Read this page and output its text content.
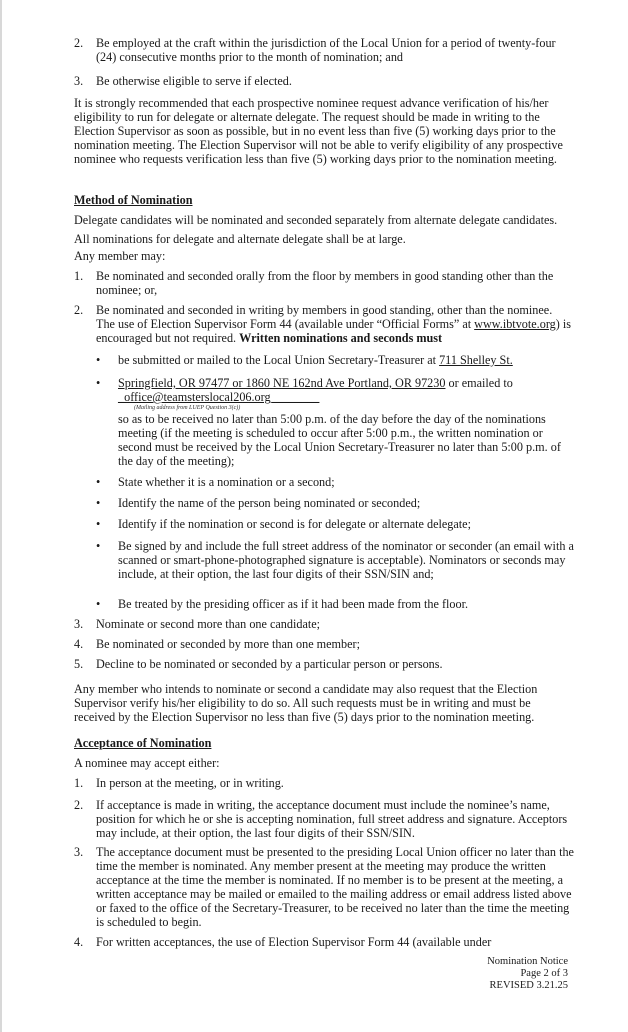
2.	Be employed at the craft within the jurisdiction of the Local Union for a period of twenty-four (24) consecutive months prior to the month of nomination; and
3.	Be otherwise eligible to serve if elected.
It is strongly recommended that each prospective nominee request advance verification of his/her eligibility to run for delegate or alternate delegate. The request should be made in writing to the Election Supervisor as soon as possible, but in no event less than five (5) working days prior to the nomination meeting. The Election Supervisor will not be able to verify eligibility of any prospective nominee who requests verification less than five (5) working days prior to the nomination meeting.
Method of Nomination
Delegate candidates will be nominated and seconded separately from alternate delegate candidates.
All nominations for delegate and alternate delegate shall be at large.
Any member may:
1.	Be nominated and seconded orally from the floor by members in good standing other than the nominee; or,
2.	Be nominated and seconded in writing by members in good standing, other than the nominee. The use of Election Supervisor Form 44 (available under “Official Forms” at www.ibtvote.org) is encouraged but not required. Written nominations and seconds must
• be submitted or mailed to the Local Union Secretary-Treasurer at 711 Shelley St.
• Springfield, OR 97477 or 1860 NE 162nd Ave Portland, OR 97230 or emailed to
_office@teamsterslocal206.org________
(Mailing address from LUEP Question 3(c))
so as to be received no later than 5:00 p.m. of the day before the day of the nominations meeting (if the meeting is scheduled to occur after 5:00 p.m., the written nomination or second must be received by the Local Union Secretary-Treasurer no later than 5:00 p.m. of the day of the meeting);
• State whether it is a nomination or a second;
• Identify the name of the person being nominated or seconded;
• Identify if the nomination or second is for delegate or alternate delegate;
• Be signed by and include the full street address of the nominator or seconder (an email with a scanned or smart-phone-photographed signature is acceptable). Nominators or seconds may include, at their option, the last four digits of their SSN/SIN and;
• Be treated by the presiding officer as if it had been made from the floor.
3.	Nominate or second more than one candidate;
4.	Be nominated or seconded by more than one member;
5.	Decline to be nominated or seconded by a particular person or persons.
Any member who intends to nominate or second a candidate may also request that the Election Supervisor verify his/her eligibility to do so. All such requests must be in writing and must be received by the Election Supervisor no less than five (5) days prior to the nomination meeting.
Acceptance of Nomination
A nominee may accept either:
1.	In person at the meeting, or in writing.
2.	If acceptance is made in writing, the acceptance document must include the nominee’s name, position for which he or she is accepting nomination, full street address and signature. Acceptors may include, at their option, the last four digits of their SSN/SIN.
3.	The acceptance document must be presented to the presiding Local Union officer no later than the time the member is nominated. Any member present at the meeting may produce the written acceptance at the time the member is nominated. If no member is to be present at the meeting, a written acceptance may be mailed or emailed to the mailing address or email address listed above or faxed to the office of the Secretary-Treasurer, to be received no later than the time the meeting is scheduled to begin.
4.	For written acceptances, the use of Election Supervisor Form 44 (available under
Nomination Notice
Page 2 of 3
REVISED 3.21.25
